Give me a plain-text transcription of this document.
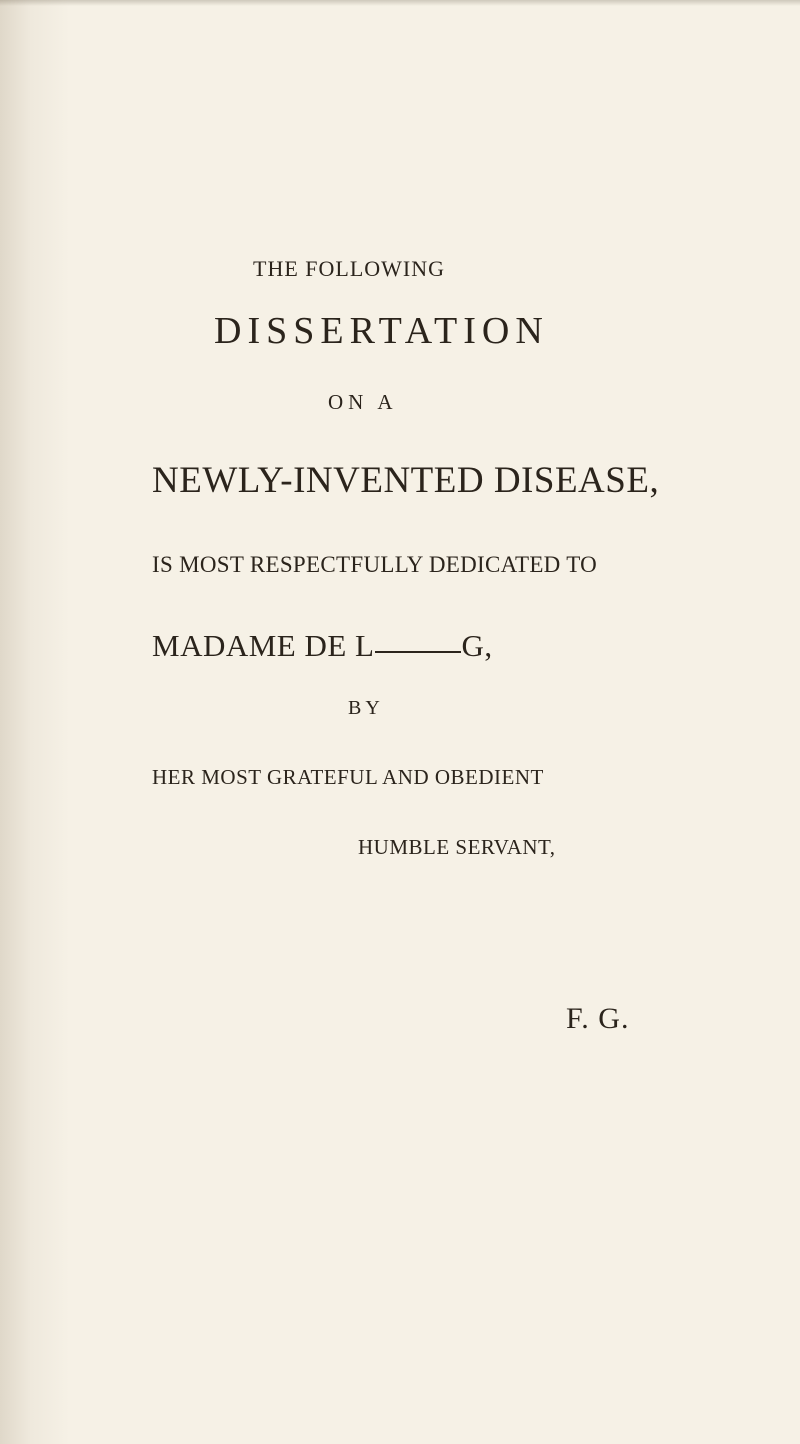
THE FOLLOWING
DISSERTATION
ON A
NEWLY-INVENTED DISEASE,
IS MOST RESPECTFULLY DEDICATED TO
MADAME DE L	G,
BY
HER MOST GRATEFUL AND OBEDIENT
HUMBLE SERVANT,
F. G.
